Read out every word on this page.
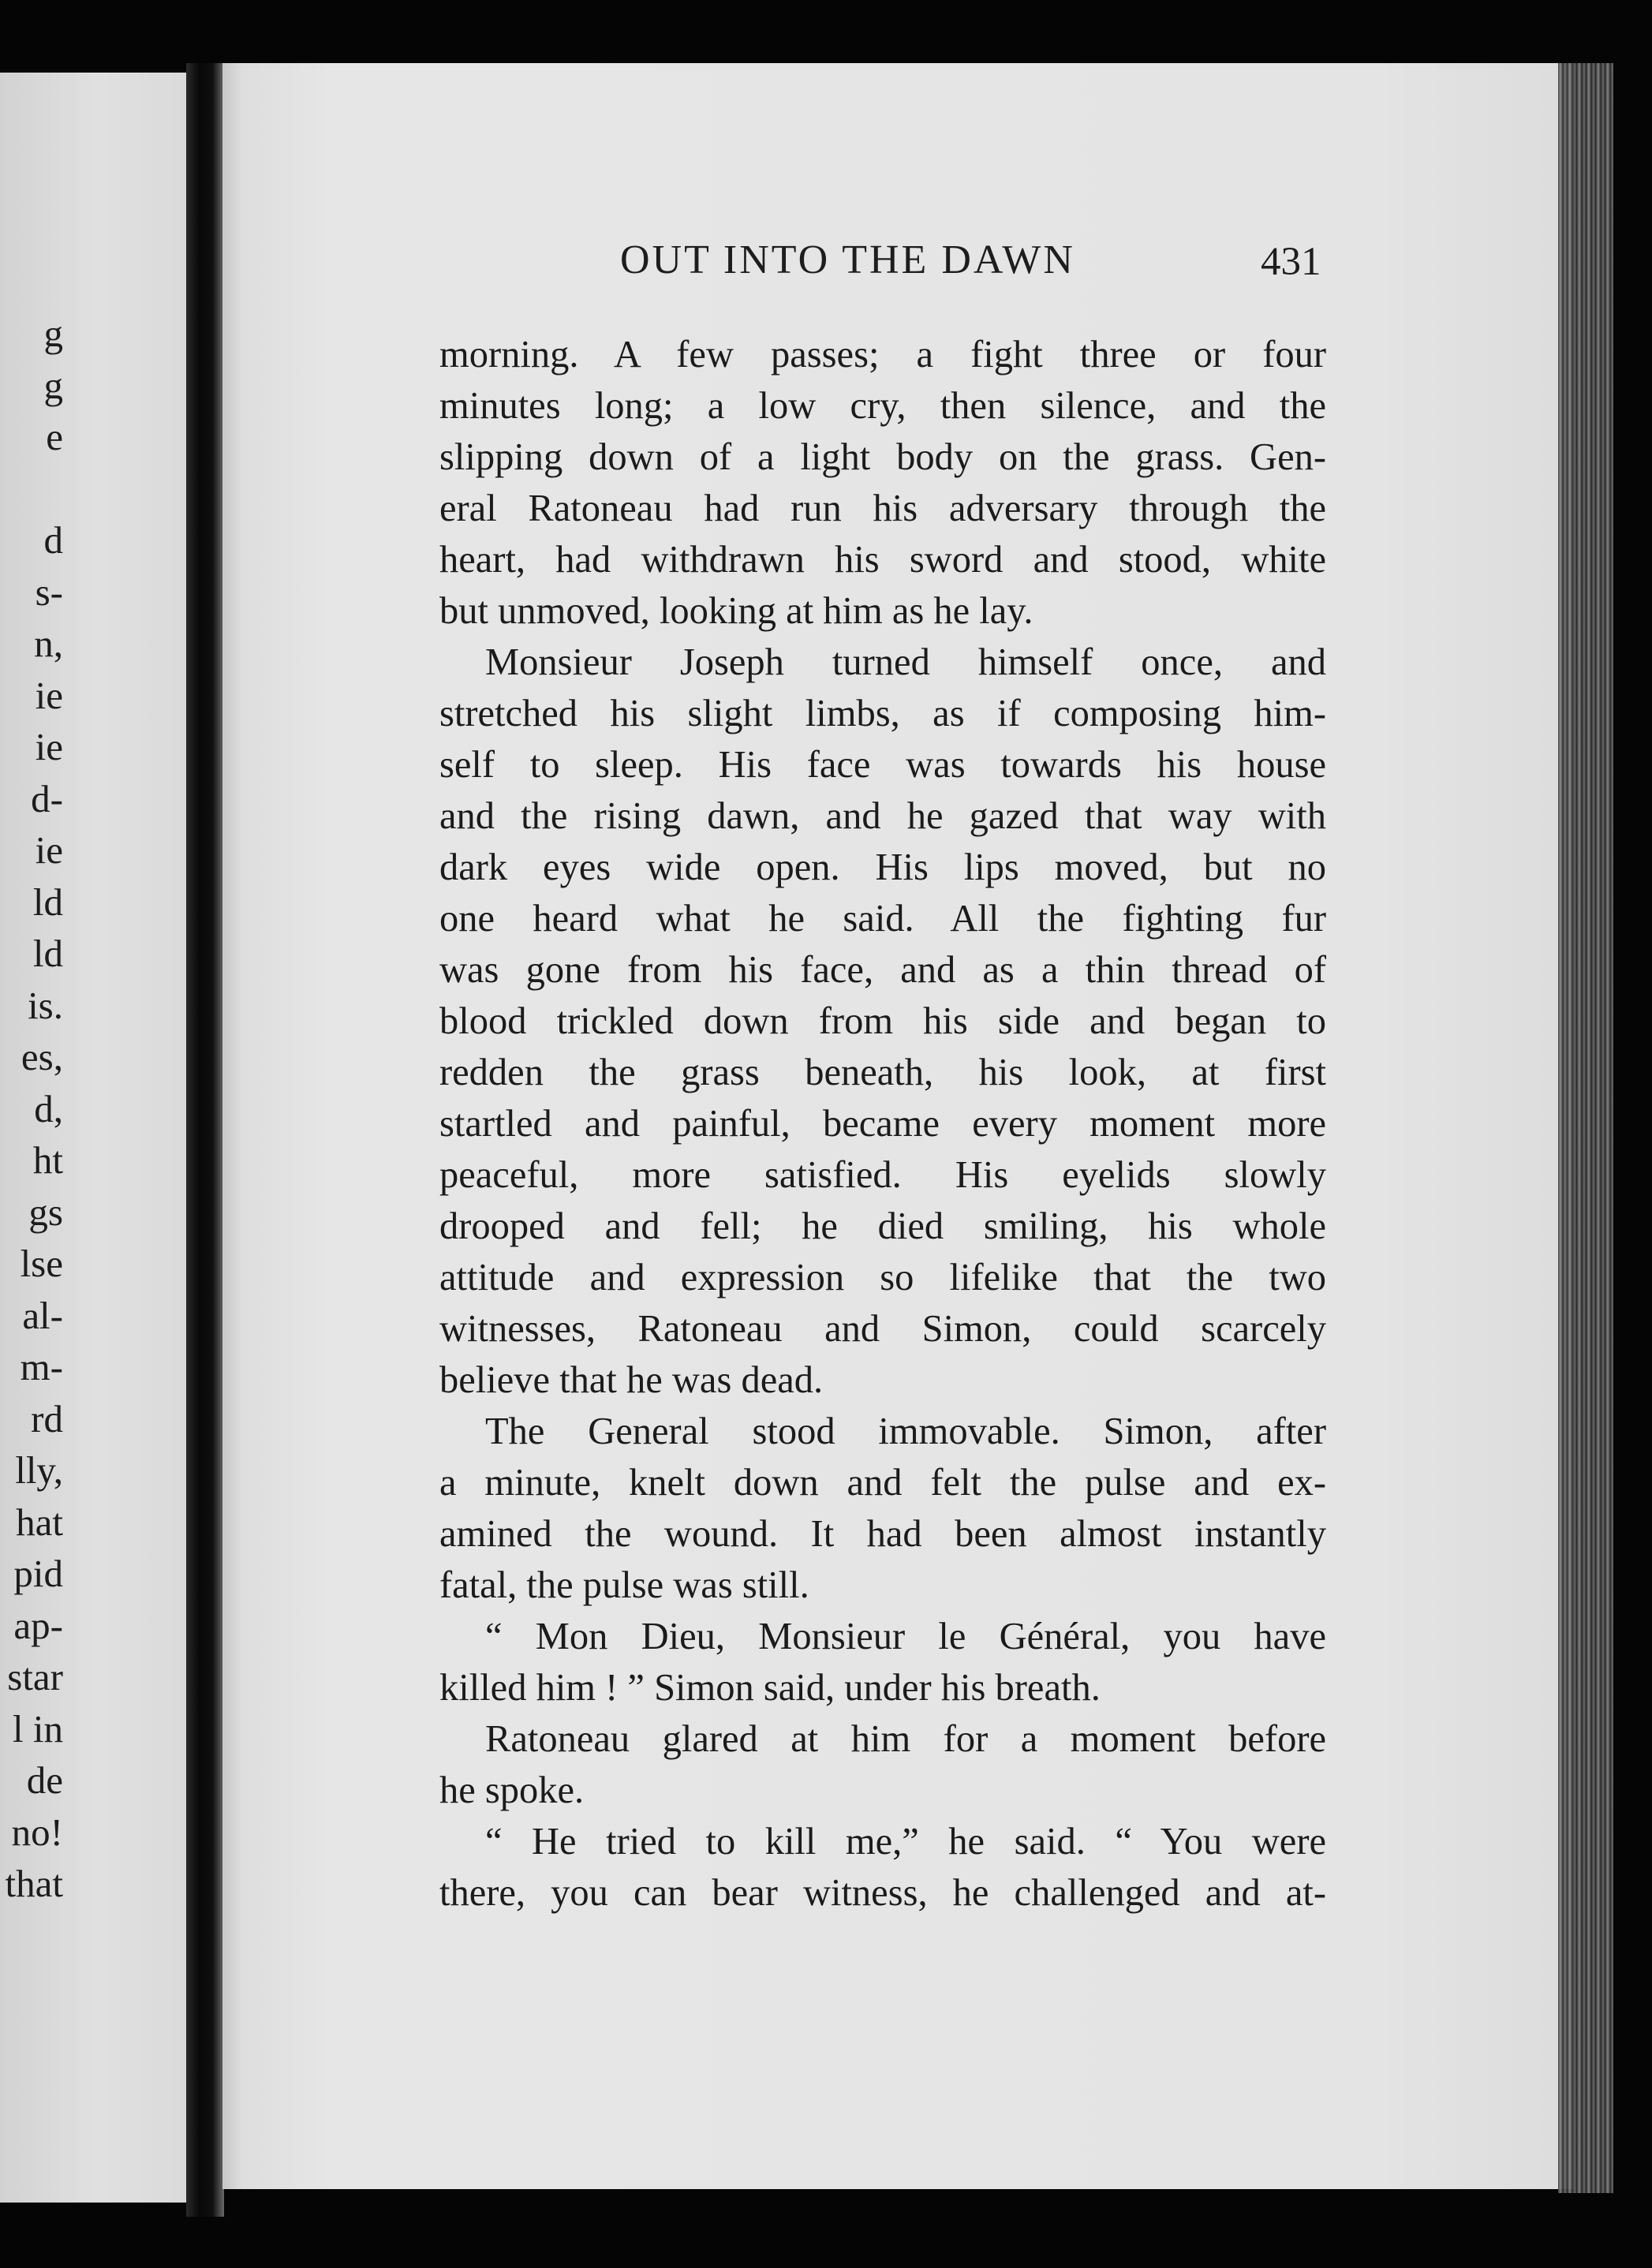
g
g
e
d
s-
n,
ie
ie
d-
ie
ld
ld
is.
es,
d,
ht
gs
lse
al-
m-
rd
lly,
hat
pid
ap-
star
l in
de
no!
that
OUT INTO THE DAWN	431
morning. A few passes; a fight three or four
minutes long; a low cry, then silence, and the
slipping down of a light body on the grass. Gen-
eral Ratoneau had run his adversary through the
heart, had withdrawn his sword and stood, white
but unmoved, looking at him as he lay.
Monsieur Joseph turned himself once, and
stretched his slight limbs, as if composing him-
self to sleep. His face was towards his house
and the rising dawn, and he gazed that way with
dark eyes wide open. His lips moved, but no
one heard what he said. All the fighting fur
was gone from his face, and as a thin thread of
blood trickled down from his side and began to
redden the grass beneath, his look, at first
startled and painful, became every moment more
peaceful, more satisfied. His eyelids slowly
drooped and fell; he died smiling, his whole
attitude and expression so lifelike that the two
witnesses, Ratoneau and Simon, could scarcely
believe that he was dead.
The General stood immovable. Simon, after
a minute, knelt down and felt the pulse and ex-
amined the wound. It had been almost instantly
fatal, the pulse was still.
“ Mon Dieu, Monsieur le Général, you have
killed him ! ” Simon said, under his breath.
Ratoneau glared at him for a moment before
he spoke.
“ He tried to kill me,” he said. “ You were
there, you can bear witness, he challenged and at-
